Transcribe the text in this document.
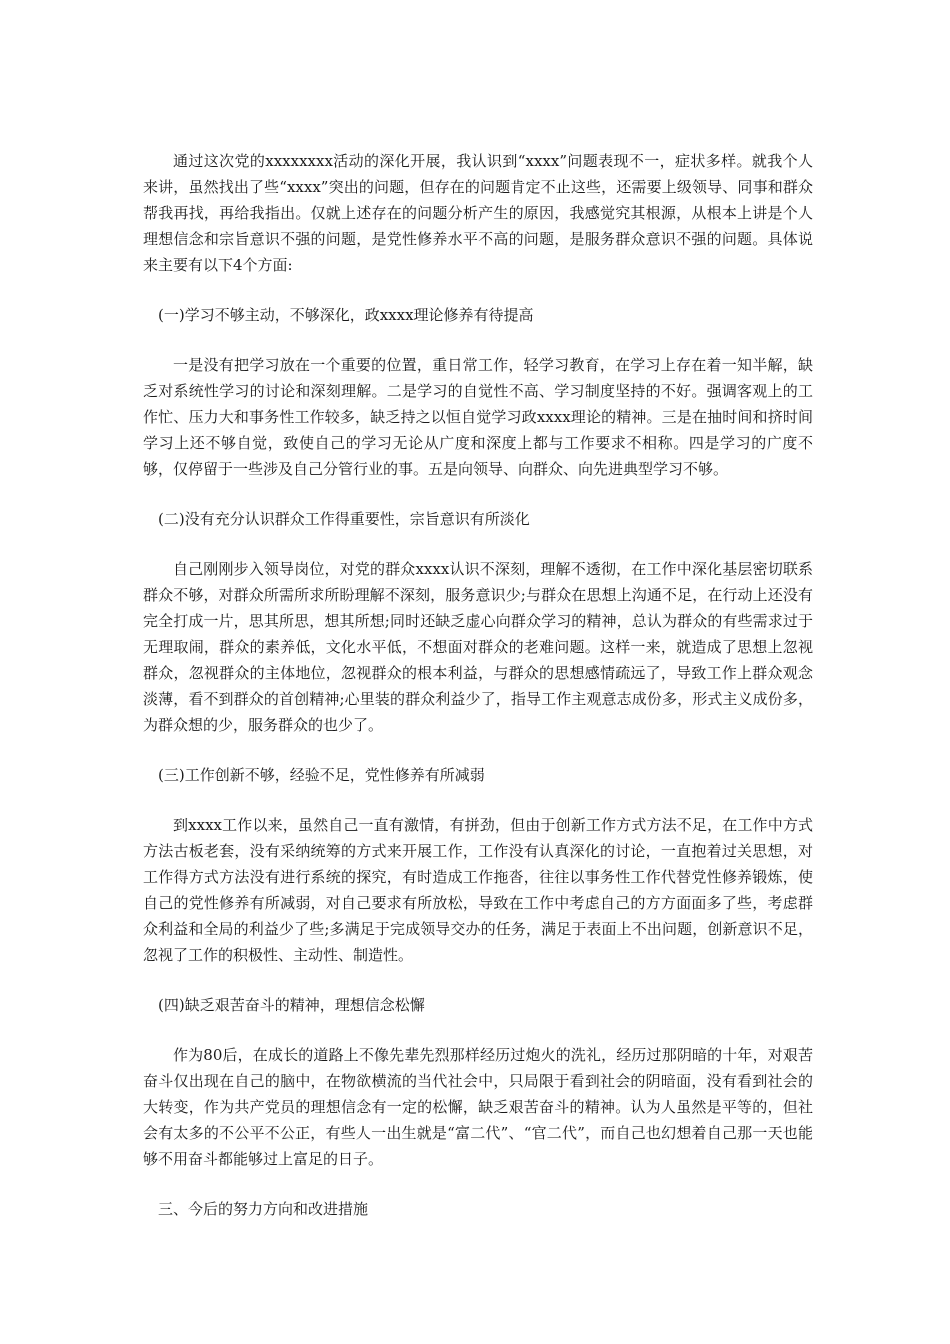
通过这次党的xxxxxxxx活动的深化开展，我认识到“xxxx”问题表现不一，症状多样。就我个人来讲，虽然找出了些“xxxx”突出的问题，但存在的问题肯定不止这些，还需要上级领导、同事和群众帮我再找，再给我指出。仅就上述存在的问题分析产生的原因，我感觉究其根源，从根本上讲是个人理想信念和宗旨意识不强的问题，是党性修养水平不高的问题，是服务群众意识不强的问题。具体说来主要有以下4个方面:

(一)学习不够主动，不够深化，政xxxx理论修养有待提高

一是没有把学习放在一个重要的位置，重日常工作，轻学习教育，在学习上存在着一知半解，缺乏对系统性学习的讨论和深刻理解。二是学习的自觉性不高、学习制度坚持的不好。强调客观上的工作忙、压力大和事务性工作较多，缺乏持之以恒自觉学习政xxxx理论的精神。三是在抽时间和挤时间学习上还不够自觉，致使自己的学习无论从广度和深度上都与工作要求不相称。四是学习的广度不够，仅停留于一些涉及自己分管行业的事。五是向领导、向群众、向先进典型学习不够。

(二)没有充分认识群众工作得重要性，宗旨意识有所淡化

自己刚刚步入领导岗位，对党的群众xxxx认识不深刻，理解不透彻，在工作中深化基层密切联系群众不够，对群众所需所求所盼理解不深刻，服务意识少;与群众在思想上沟通不足，在行动上还没有完全打成一片，思其所思，想其所想;同时还缺乏虚心向群众学习的精神，总认为群众的有些需求过于无理取闹，群众的素养低，文化水平低，不想面对群众的老难问题。这样一来，就造成了思想上忽视群众，忽视群众的主体地位，忽视群众的根本利益，与群众的思想感情疏远了，导致工作上群众观念淡薄，看不到群众的首创精神;心里装的群众利益少了，指导工作主观意志成份多，形式主义成份多，为群众想的少，服务群众的也少了。

(三)工作创新不够，经验不足，党性修养有所减弱

到xxxx工作以来，虽然自己一直有激情，有拼劲，但由于创新工作方式方法不足，在工作中方式方法古板老套，没有采纳统筹的方式来开展工作，工作没有认真深化的讨论，一直抱着过关思想，对工作得方式方法没有进行系统的探究，有时造成工作拖沓，往往以事务性工作代替党性修养锻炼，使自己的党性修养有所减弱，对自己要求有所放松，导致在工作中考虑自己的方方面面多了些，考虑群众利益和全局的利益少了些;多满足于完成领导交办的任务，满足于表面上不出问题，创新意识不足，忽视了工作的积极性、主动性、制造性。

(四)缺乏艰苦奋斗的精神，理想信念松懈

作为80后，在成长的道路上不像先辈先烈那样经历过炮火的洗礼，经历过那阴暗的十年，对艰苦奋斗仅出现在自己的脑中，在物欲横流的当代社会中，只局限于看到社会的阴暗面，没有看到社会的大转变，作为共产党员的理想信念有一定的松懈，缺乏艰苦奋斗的精神。认为人虽然是平等的，但社会有太多的不公平不公正，有些人一出生就是“富二代”、“官二代”，而自己也幻想着自己那一天也能够不用奋斗都能够过上富足的日子。

三、今后的努力方向和改进措施
